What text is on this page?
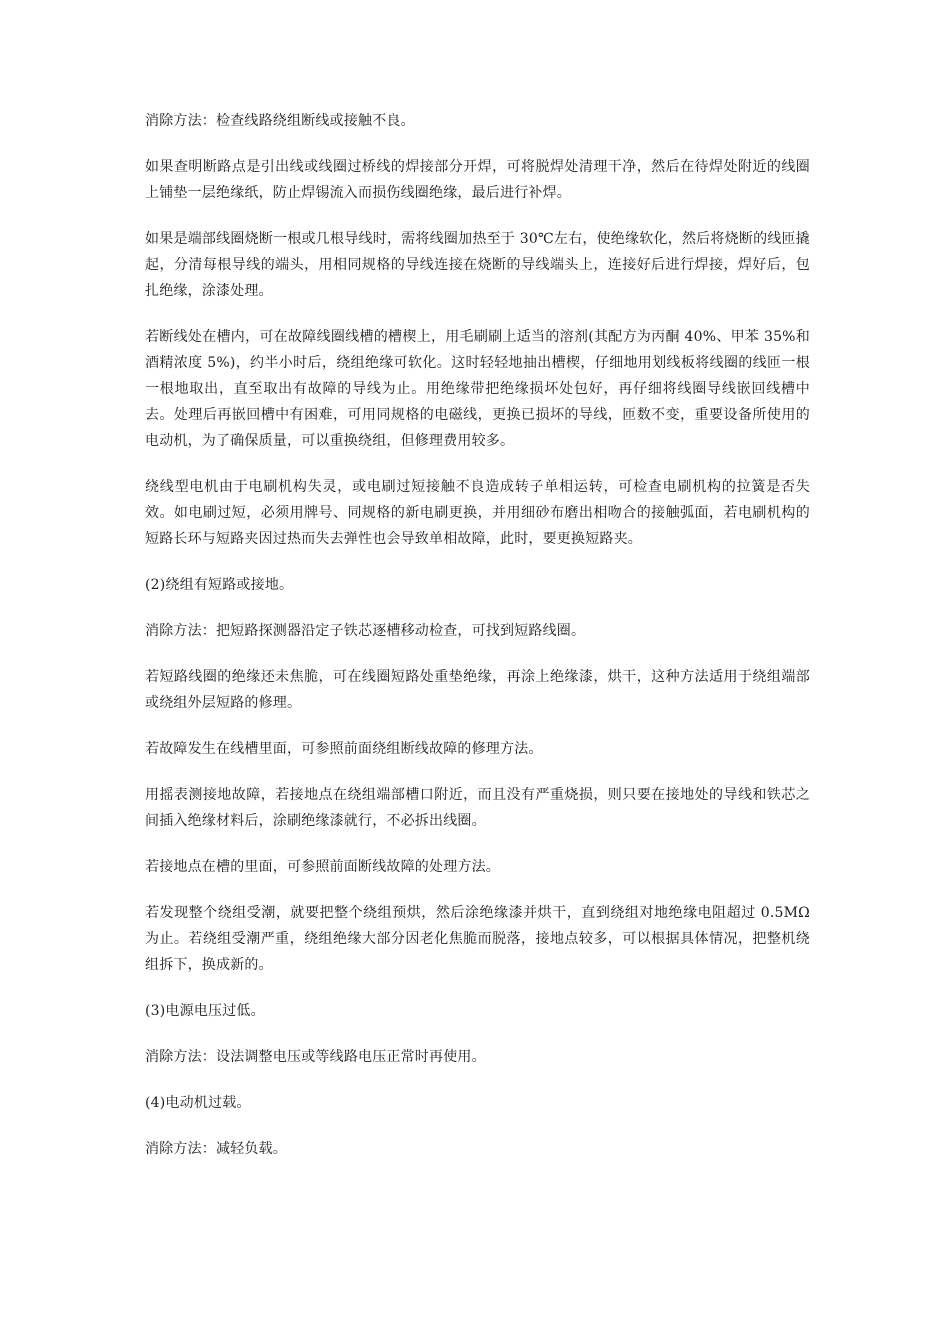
消除方法：检查线路绕组断线或接触不良。

如果查明断路点是引出线或线圈过桥线的焊接部分开焊，可将脱焊处清理干净，然后在待焊处附近的线圈上铺垫一层绝缘纸，防止焊锡流入而损伤线圈绝缘，最后进行补焊。

如果是端部线圈烧断一根或几根导线时，需将线圈加热至于 30℃左右，使绝缘软化，然后将烧断的线匝撬起，分清每根导线的端头，用相同规格的导线连接在烧断的导线端头上，连接好后进行焊接，焊好后，包扎绝缘，涂漆处理。

若断线处在槽内，可在故障线圈线槽的槽楔上，用毛刷刷上适当的溶剂(其配方为丙酮 40%、甲苯 35%和酒精浓度 5%)，约半小时后，绕组绝缘可软化。这时轻轻地抽出槽楔，仔细地用划线板将线圈的线匝一根一根地取出，直至取出有故障的导线为止。用绝缘带把绝缘损坏处包好，再仔细将线圈导线嵌回线槽中去。处理后再嵌回槽中有困难，可用同规格的电磁线，更换已损坏的导线，匝数不变，重要设备所使用的电动机，为了确保质量，可以重换绕组，但修理费用较多。

绕线型电机由于电刷机构失灵，或电刷过短接触不良造成转子单相运转，可检查电刷机构的拉簧是否失效。如电刷过短，必须用牌号、同规格的新电刷更换，并用细砂布磨出相吻合的接触弧面，若电刷机构的短路长环与短路夹因过热而失去弹性也会导致单相故障，此时，要更换短路夹。

(2)绕组有短路或接地。

消除方法：把短路探测器沿定子铁芯逐槽移动检查，可找到短路线圈。

若短路线圈的绝缘还未焦脆，可在线圈短路处重垫绝缘，再涂上绝缘漆，烘干，这种方法适用于绕组端部或绕组外层短路的修理。

若故障发生在线槽里面，可参照前面绕组断线故障的修理方法。

用摇表测接地故障，若接地点在绕组端部槽口附近，而且没有严重烧损，则只要在接地处的导线和铁芯之间插入绝缘材料后，涂刷绝缘漆就行，不必拆出线圈。

若接地点在槽的里面，可参照前面断线故障的处理方法。

若发现整个绕组受潮，就要把整个绕组预烘，然后涂绝缘漆并烘干，直到绕组对地绝缘电阻超过 0.5MΩ 为止。若绕组受潮严重，绕组绝缘大部分因老化焦脆而脱落，接地点较多，可以根据具体情况，把整机绕组拆下，换成新的。

(3)电源电压过低。

消除方法：设法调整电压或等线路电压正常时再使用。

(4)电动机过载。

消除方法：减轻负载。
